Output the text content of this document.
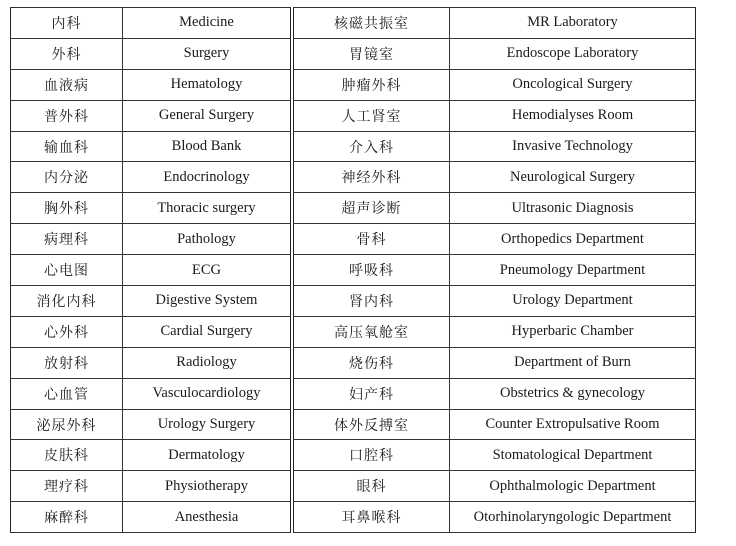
内科	Medicine
外科	Surgery
血液病	Hematology
普外科	General Surgery
输血科	Blood Bank
内分泌	Endocrinology
胸外科	Thoracic surgery
病理科	Pathology
心电图	ECG
消化内科	Digestive System
心外科	Cardial Surgery
放射科	Radiology
心血管	Vasculocardiology
泌尿外科	Urology Surgery
皮肤科	Dermatology
理疗科	Physiotherapy
麻醉科	Anesthesia
核磁共振室	MR Laboratory
胃镜室	Endoscope Laboratory
肿瘤外科	Oncological Surgery
人工肾室	Hemodialyses Room
介入科	Invasive Technology
神经外科	Neurological Surgery
超声诊断	Ultrasonic Diagnosis
骨科	Orthopedics Department
呼吸科	Pneumology Department
肾内科	Urology Department
高压氧舱室	Hyperbaric Chamber
烧伤科	Department of Burn
妇产科	Obstetrics & gynecology
体外反搏室	Counter Extropulsative Room
口腔科	Stomatological Department
眼科	Ophthalmologic Department
耳鼻喉科	Otorhinolaryngologic Department
